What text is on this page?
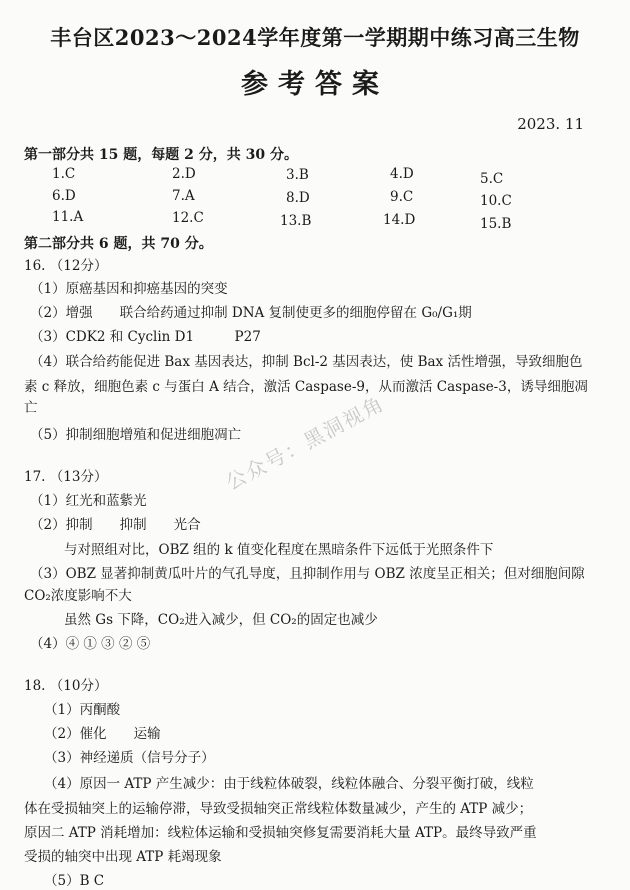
丰台区2023～2024学年度第一学期期中练习高三生物
参考答案
2023. 11
第一部分共 15 题，每题 2 分，共 30 分。
1.C	2.D	3.B	4.D	5.C
6.D	7.A	8.D	9.C	10.C
11.A	12.C	13.B	14.D	15.B
第二部分共 6 题，共 70 分。
16. （12分）
（1）原癌基因和抑癌基因的突变
（2）增强　　联合给药通过抑制 DNA 复制使更多的细胞停留在 G₀/G₁期
（3）CDK2 和 Cyclin D1　　　P27
（4）联合给药能促进 Bax 基因表达，抑制 Bcl-2 基因表达，使 Bax 活性增强，导致细胞色
素 c 释放，细胞色素 c 与蛋白 A 结合，激活 Caspase-9，从而激活 Caspase-3，诱导细胞凋
亡
（5）抑制细胞增殖和促进细胞凋亡
17. （13分）
（1）红光和蓝紫光
（2）抑制　　抑制　　光合
与对照组对比，OBZ 组的 k 值变化程度在黑暗条件下远低于光照条件下
（3）OBZ 显著抑制黄瓜叶片的气孔导度，且抑制作用与 OBZ 浓度呈正相关；但对细胞间隙
CO₂浓度影响不大
虽然 Gs 下降，CO₂进入减少，但 CO₂的固定也减少
（4）④ ① ③ ② ⑤
18. （10分）
（1）丙酮酸
（2）催化　　运输
（3）神经递质（信号分子）
（4）原因一 ATP 产生减少：由于线粒体破裂，线粒体融合、分裂平衡打破，线粒
体在受损轴突上的运输停滞，导致受损轴突正常线粒体数量减少，产生的 ATP 减少；
原因二 ATP 消耗增加：线粒体运输和受损轴突修复需要消耗大量 ATP。最终导致严重
受损的轴突中出现 ATP 耗竭现象
（5）B C
公众号：黑洞视角
